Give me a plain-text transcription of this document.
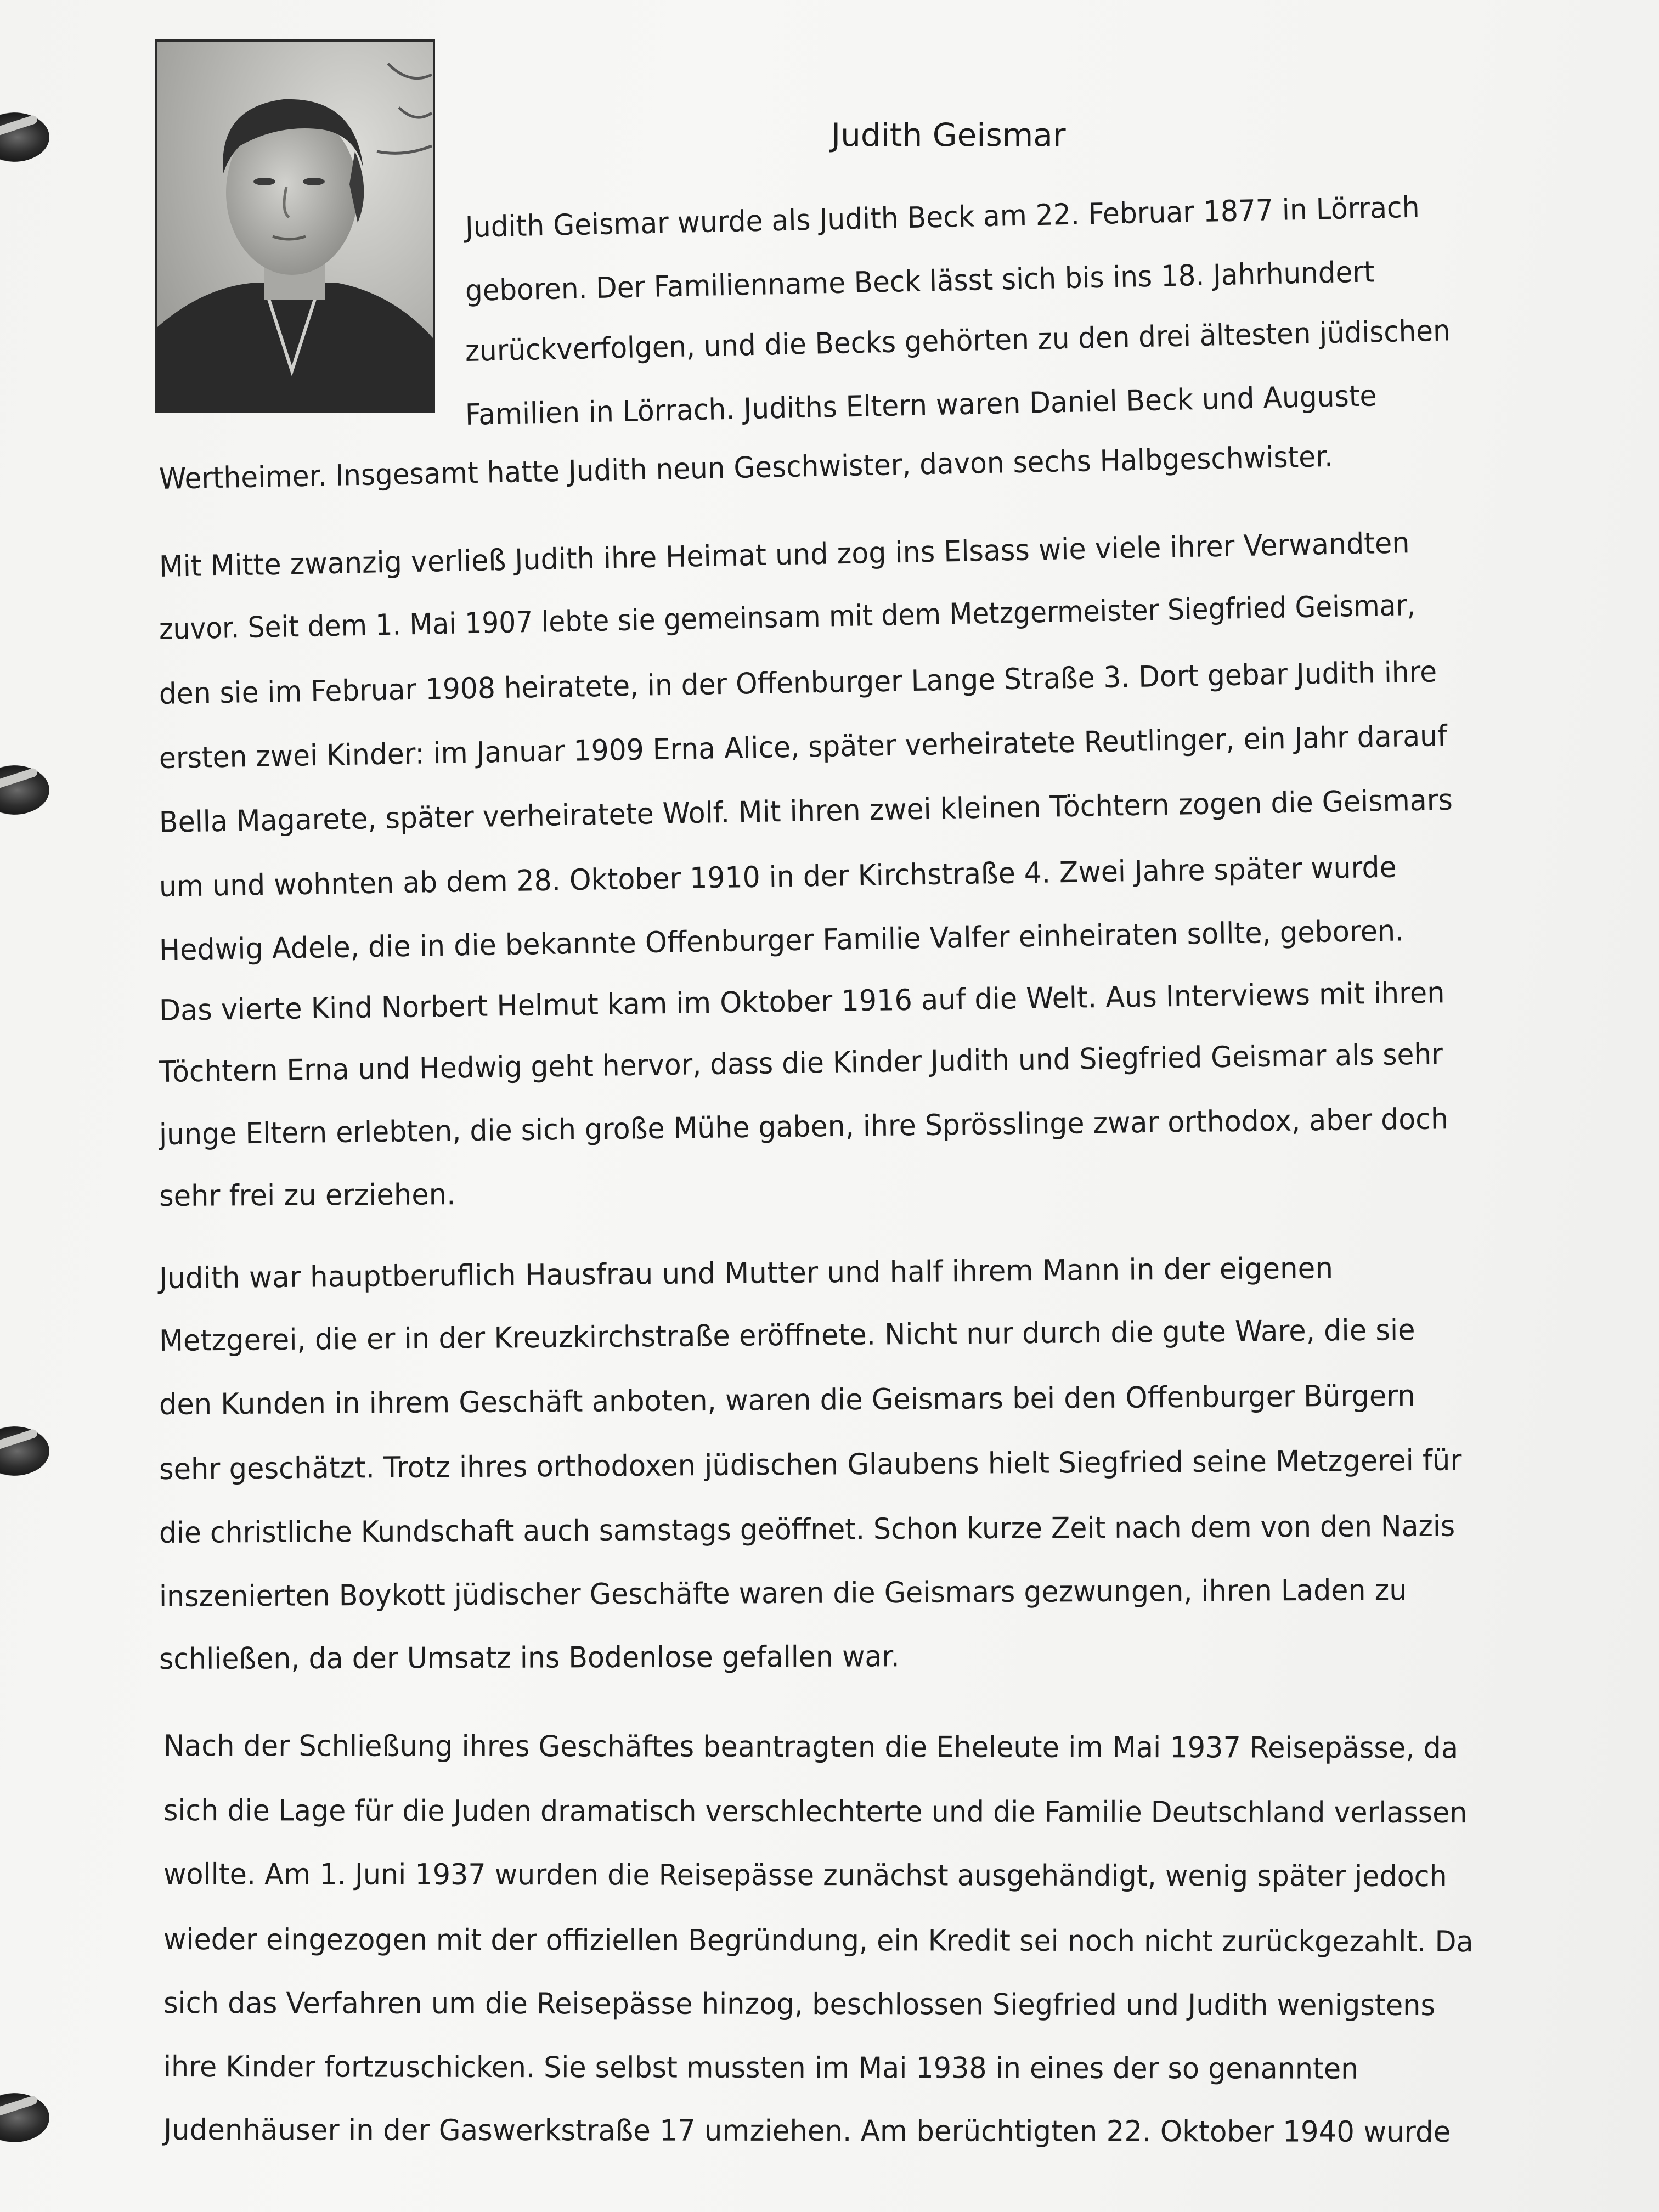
Judith Geismar
Judith Geismar wurde als Judith Beck am 22. Februar 1877 in Lörrach
geboren. Der Familienname Beck lässt sich bis ins 18. Jahrhundert
zurückverfolgen, und die Becks gehörten zu den drei ältesten jüdischen
Familien in Lörrach. Judiths Eltern waren Daniel Beck und Auguste
Wertheimer. Insgesamt hatte Judith neun Geschwister, davon sechs Halbgeschwister.
Mit Mitte zwanzig verließ Judith ihre Heimat und zog ins Elsass wie viele ihrer Verwandten
zuvor. Seit dem 1. Mai 1907 lebte sie gemeinsam mit dem Metzgermeister Siegfried Geismar,
den sie im Februar 1908 heiratete, in der Offenburger Lange Straße 3. Dort gebar Judith ihre
ersten zwei Kinder: im Januar 1909 Erna Alice, später verheiratete Reutlinger, ein Jahr darauf
Bella Magarete, später verheiratete Wolf. Mit ihren zwei kleinen Töchtern zogen die Geismars
um und wohnten ab dem 28. Oktober 1910 in der Kirchstraße 4. Zwei Jahre später wurde
Hedwig Adele, die in die bekannte Offenburger Familie Valfer einheiraten sollte, geboren.
Das vierte Kind Norbert Helmut kam im Oktober 1916 auf die Welt. Aus Interviews mit ihren
Töchtern Erna und Hedwig geht hervor, dass die Kinder Judith und Siegfried Geismar als sehr
junge Eltern erlebten, die sich große Mühe gaben, ihre Sprösslinge zwar orthodox, aber doch
sehr frei zu erziehen.
Judith war hauptberuflich Hausfrau und Mutter und half ihrem Mann in der eigenen
Metzgerei, die er in der Kreuzkirchstraße eröffnete. Nicht nur durch die gute Ware, die sie
den Kunden in ihrem Geschäft anboten, waren die Geismars bei den Offenburger Bürgern
sehr geschätzt. Trotz ihres orthodoxen jüdischen Glaubens hielt Siegfried seine Metzgerei für
die christliche Kundschaft auch samstags geöffnet. Schon kurze Zeit nach dem von den Nazis
inszenierten Boykott jüdischer Geschäfte waren die Geismars gezwungen, ihren Laden zu
schließen, da der Umsatz ins Bodenlose gefallen war.
Nach der Schließung ihres Geschäftes beantragten die Eheleute im Mai 1937 Reisepässe, da
sich die Lage für die Juden dramatisch verschlechterte und die Familie Deutschland verlassen
wollte. Am 1. Juni 1937 wurden die Reisepässe zunächst ausgehändigt, wenig später jedoch
wieder eingezogen mit der offiziellen Begründung, ein Kredit sei noch nicht zurückgezahlt. Da
sich das Verfahren um die Reisepässe hinzog, beschlossen Siegfried und Judith wenigstens
ihre Kinder fortzuschicken. Sie selbst mussten im Mai 1938 in eines der so genannten
Judenhäuser in der Gaswerkstraße 17 umziehen. Am berüchtigten 22. Oktober 1940 wurde
